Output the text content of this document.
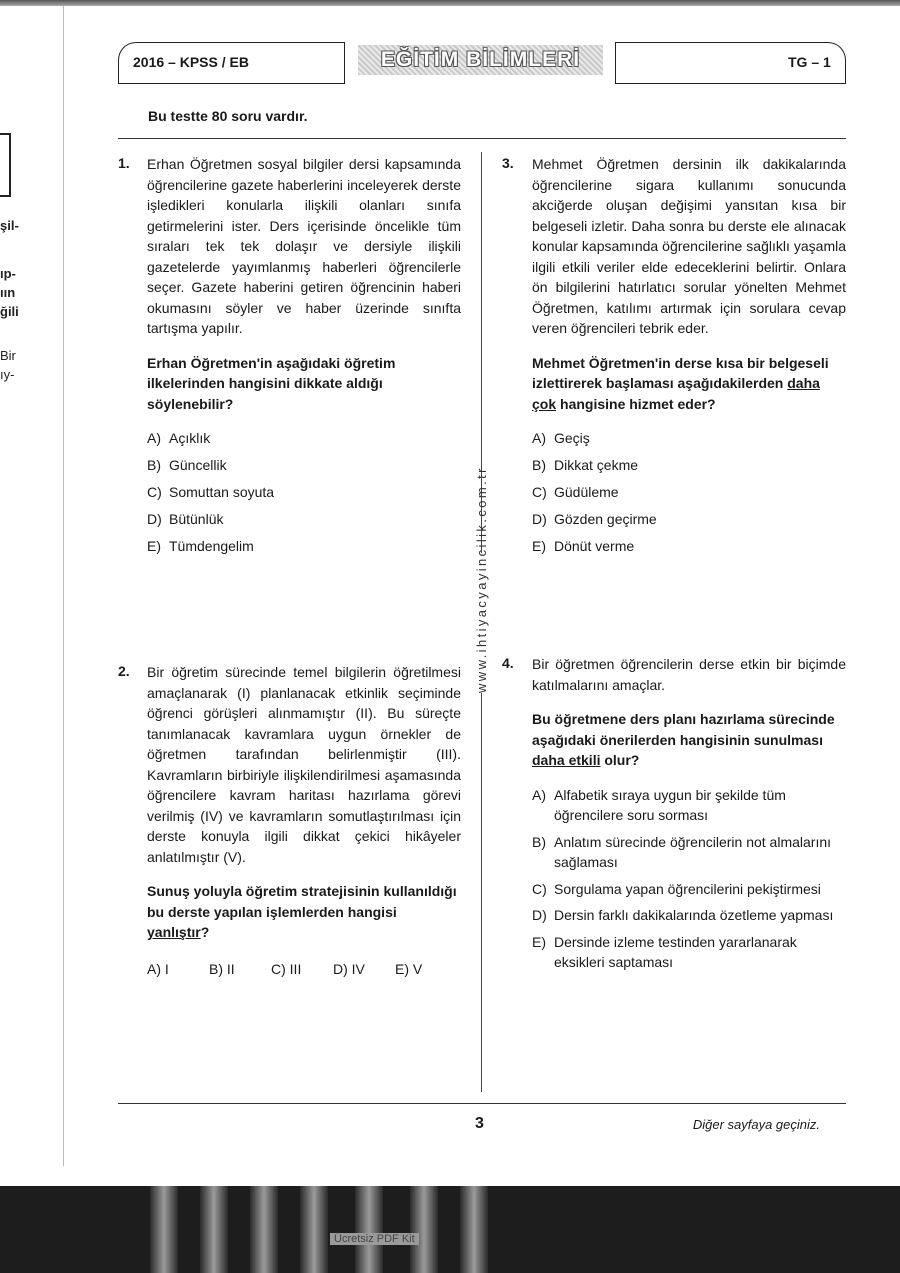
şil-
ıp-
ıın
ğili
Bir
ıy-
2016 – KPSS / EB	EĞİTİM BİLİMLERİ	TG – 1
Bu testte 80 soru vardır.
www.ihtiyacyayincilik.com.tr
1. Erhan Öğretmen sosyal bilgiler dersi kapsamında öğrencilerine gazete haberlerini inceleyerek derste işledikleri konularla ilişkili olanları sınıfa getirmelerini ister. Ders içerisinde öncelikle tüm sıraları tek tek dolaşır ve dersiyle ilişkili gazetelerde yayımlanmış haberleri öğrencilerle seçer. Gazete haberini getiren öğrencinin haberi okumasını söyler ve haber üzerinde sınıfta tartışma yapılır.
Erhan Öğretmen'in aşağıdaki öğretim ilkelerinden hangisini dikkate aldığı söylenebilir?
A) Açıklık
B) Güncellik
C) Somuttan soyuta
D) Bütünlük
E) Tümdengelim
2. Bir öğretim sürecinde temel bilgilerin öğretilmesi amaçlanarak (I) planlanacak etkinlik seçiminde öğrenci görüşleri alınmamıştır (II). Bu süreçte tanımlanacak kavramlara uygun örnekler de öğretmen tarafından belirlenmiştir (III). Kavramların birbiriyle ilişkilendirilmesi aşamasında öğrencilere kavram haritası hazırlama görevi verilmiş (IV) ve kavramların somutlaştırılması için derste konuyla ilgili dikkat çekici hikâyeler anlatılmıştır (V).
Sunuş yoluyla öğretim stratejisinin kullanıldığı bu derste yapılan işlemlerden hangisi yanlıştır?
A) I	B) II	C) III	D) IV	E) V
3. Mehmet Öğretmen dersinin ilk dakikalarında öğrencilerine sigara kullanımı sonucunda akciğerde oluşan değişimi yansıtan kısa bir belgeseli izletir. Daha sonra bu derste ele alınacak konular kapsamında öğrencilerine sağlıklı yaşamla ilgili etkili veriler elde edeceklerini belirtir. Onlara ön bilgilerini hatırlatıcı sorular yönelten Mehmet Öğretmen, katılımı artırmak için sorulara cevap veren öğrencileri tebrik eder.
Mehmet Öğretmen'in derse kısa bir belgeseli izlettirerek başlaması aşağıdakilerden daha çok hangisine hizmet eder?
A) Geçiş
B) Dikkat çekme
C) Güdüleme
D) Gözden geçirme
E) Dönüt verme
4. Bir öğretmen öğrencilerin derse etkin bir biçimde katılmalarını amaçlar.
Bu öğretmene ders planı hazırlama sürecinde aşağıdaki önerilerden hangisinin sunulması daha etkili olur?
A) Alfabetik sıraya uygun bir şekilde tüm öğrencilere soru sorması
B) Anlatım sürecinde öğrencilerin not almalarını sağlaması
C) Sorgulama yapan öğrencilerini pekiştirmesi
D) Dersin farklı dakikalarında özetleme yapması
E) Dersinde izleme testinden yararlanarak eksikleri saptaması
3	Diğer sayfaya geçiniz.
Ücretsiz PDF Kit
